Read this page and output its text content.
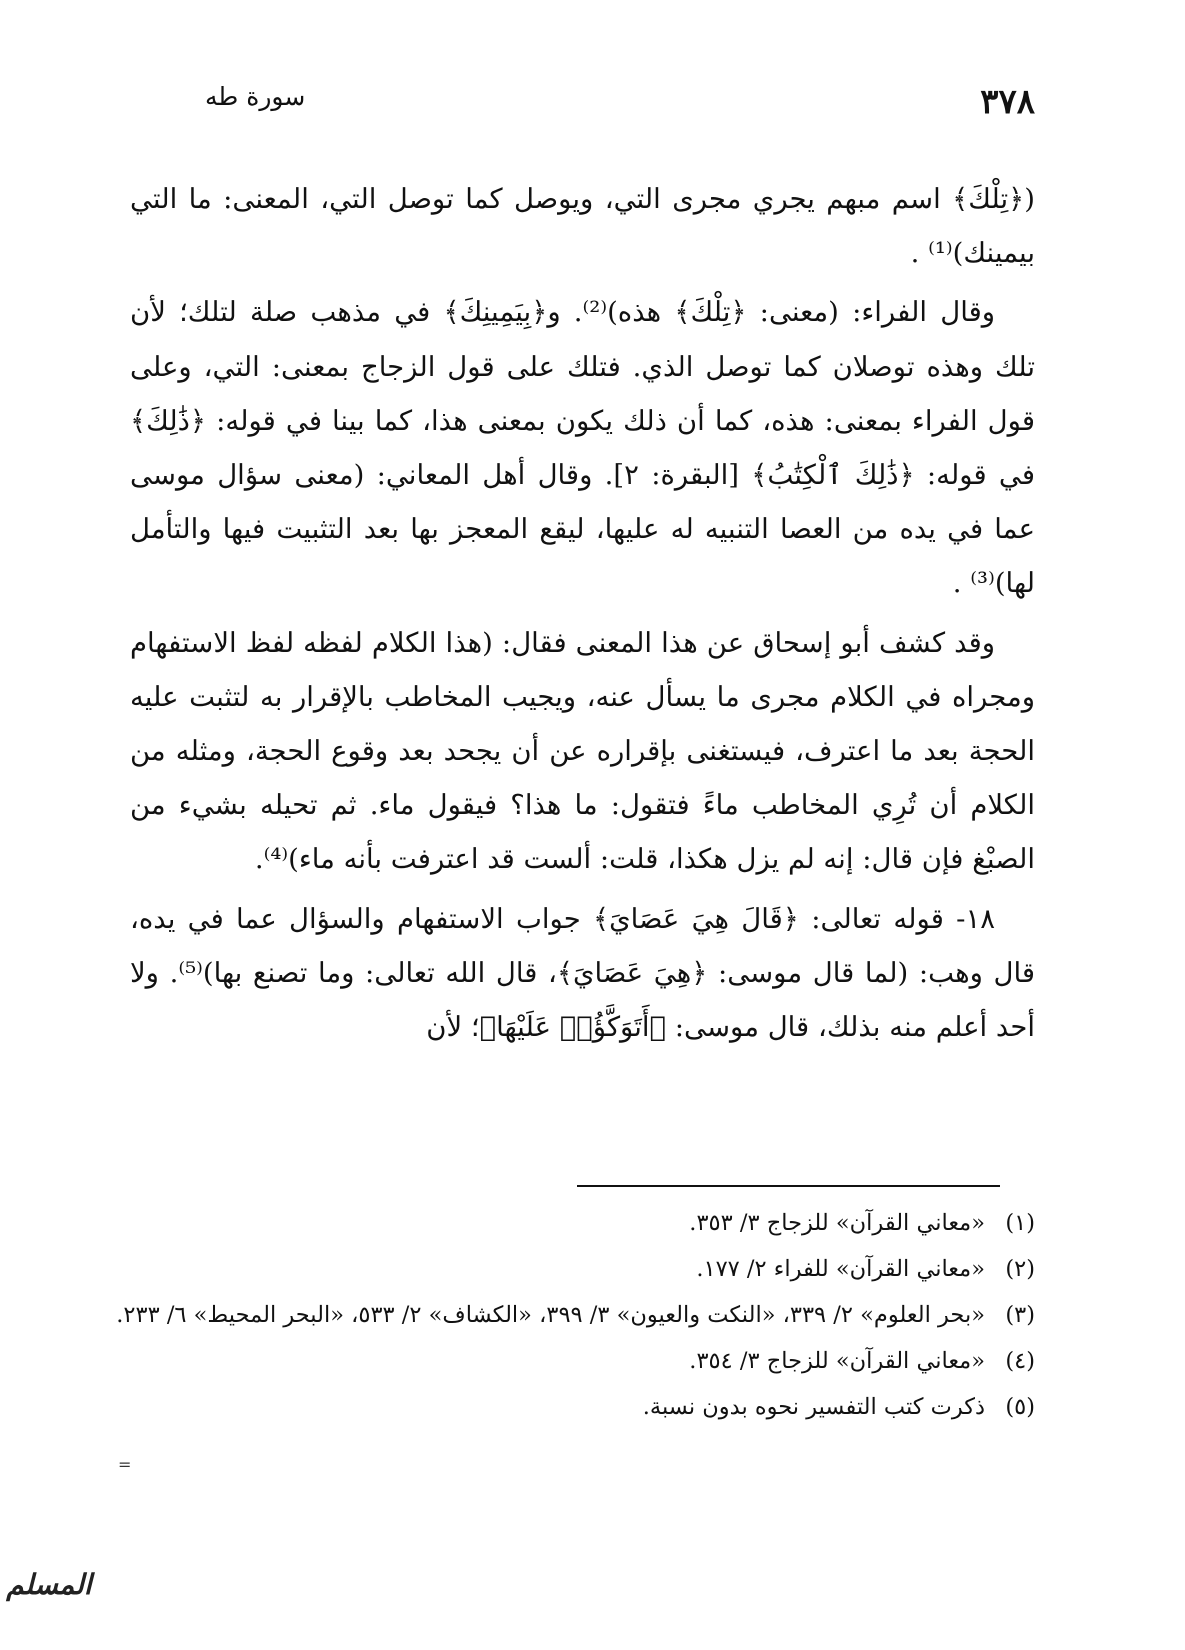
٣٧٨
سورة طه

(﴿تِلْكَ﴾ اسم مبهم يجري مجرى التي، ويوصل كما توصل التي، المعنى: ما التي بيمينك)⁽¹⁾ .

وقال الفراء: (معنى: ﴿تِلْكَ﴾ هذه)⁽²⁾. و﴿بِيَمِينِكَ﴾ في مذهب صلة لتلك؛ لأن تلك وهذه توصلان كما توصل الذي. فتلك على قول الزجاج بمعنى: التي، وعلى قول الفراء بمعنى: هذه، كما أن ذلك يكون بمعنى هذا، كما بينا في قوله: ﴿ذَٰلِكَ﴾ في قوله: ﴿ذَٰلِكَ ٱلْكِتَٰبُ﴾ [البقرة: ٢]. وقال أهل المعاني: (معنى سؤال موسى عما في يده من العصا التنبيه له عليها، ليقع المعجز بها بعد التثبيت فيها والتأمل لها)⁽³⁾ .

وقد كشف أبو إسحاق عن هذا المعنى فقال: (هذا الكلام لفظه لفظ الاستفهام ومجراه في الكلام مجرى ما يسأل عنه، ويجيب المخاطب بالإقرار به لتثبت عليه الحجة بعد ما اعترف، فيستغنى بإقراره عن أن يجحد بعد وقوع الحجة، ومثله من الكلام أن تُرِي المخاطب ماءً فتقول: ما هذا؟ فيقول ماء. ثم تحيله بشيء من الصبْغ فإن قال: إنه لم يزل هكذا، قلت: ألست قد اعترفت بأنه ماء)⁽⁴⁾.

١٨- قوله تعالى: ﴿قَالَ هِيَ عَصَايَ﴾ جواب الاستفهام والسؤال عما في يده، قال وهب: (لما قال موسى: ﴿هِيَ عَصَايَ﴾، قال الله تعالى: وما تصنع بها)⁽⁵⁾. ولا أحد أعلم منه بذلك، قال موسى: ﴿أَتَوَكَّؤُا۟ عَلَيْهَا﴾؛ لأن

(١)
«معاني القرآن» للزجاج ٣/ ٣٥٣.
(٢)
«معاني القرآن» للفراء ٢/ ١٧٧.
(٣)
«بحر العلوم» ٢/ ٣٣٩، «النكت والعيون» ٣/ ٣٩٩، «الكشاف» ٢/ ٥٣٣، «البحر المحيط» ٦/ ٢٣٣.
(٤)
«معاني القرآن» للزجاج ٣/ ٣٥٤.
(٥)
ذكرت كتب التفسير نحوه بدون نسبة.
=
المسلم
